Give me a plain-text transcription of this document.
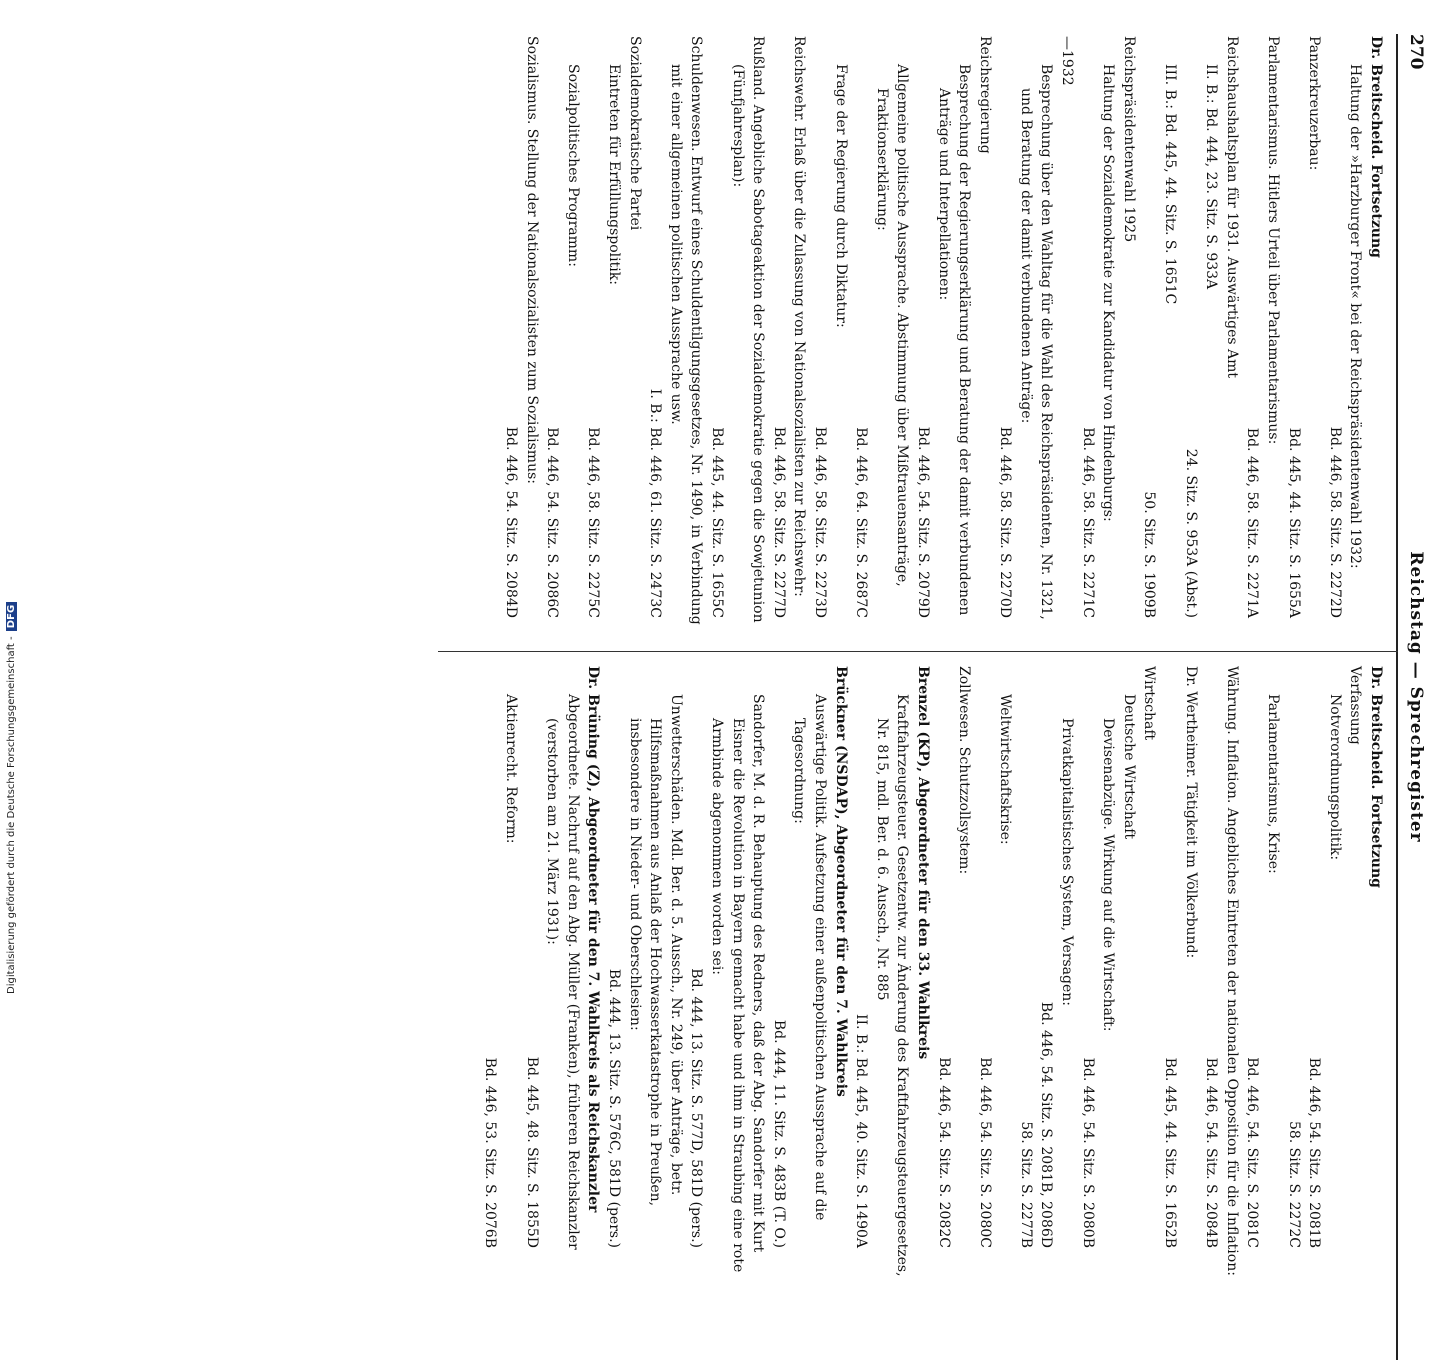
270
Reichstag — Sprechregister

Dr. Breitscheid. Fortsetzung

Haltung der »Harzburger Front« bei der Reichspräsidentenwahl 1932:

Bd. 446, 58. Sitz. S. 2272D

Panzerkreuzerbau:

Bd. 445, 44. Sitz. S. 1655A

Parlamentarismus. Hitlers Urteil über Parlamentarismus:

Bd. 446, 58. Sitz. S. 2271A

Reichshaushaltsplan für 1931. Auswärtiges Amt

II. B.: Bd. 444, 23. Sitz. S. 933A

24. Sitz. S. 953A (Abst.)

III. B.: Bd. 445, 44. Sitz. S. 1651C

50. Sitz. S. 1909B

Reichspräsidentenwahl 1925

Haltung der Sozialdemokratie zur Kandidatur von Hindenburgs:

Bd. 446, 58. Sitz. S. 2271C

—1932

Besprechung über den Wahltag für die Wahl des Reichspräsidenten, Nr. 1321, und Beratung der damit verbundenen Anträge:

Bd. 446, 58. Sitz. S. 2270D

Reichsregierung

Besprechung der Regierungserklärung und Beratung der damit verbundenen Anträge und Interpellationen:

Bd. 446, 54. Sitz. S. 2079D

Allgemeine politische Aussprache. Abstimmung über Mißtrauensanträge, Fraktionserklärung:

Bd. 446, 64. Sitz. S. 2687C

Frage der Regierung durch Diktatur:

Bd. 446, 58. Sitz. S. 2273D

Reichswehr. Erlaß über die Zulassung von Nationalsozialisten zur Reichswehr:

Bd. 446, 58. Sitz. S. 2277D

Rußland. Angebliche Sabotageaktion der Sozialdemokratie gegen die Sowjetunion (Fünfjahresplan):

Bd. 445, 44. Sitz. S. 1655C

Schuldenwesen. Entwurf eines Schuldentilgungsgesetzes, Nr. 1490, in Verbindung mit einer allgemeinen politischen Aussprache usw.

I. B.: Bd. 446, 61. Sitz. S. 2473C

Sozialdemokratische Partei

Eintreten für Erfüllungspolitik:

Bd. 446, 58. Sitz. S. 2275C

Sozialpolitisches Programm:

Bd. 446, 54. Sitz. S. 2086C

Sozialismus. Stellung der Nationalsozialisten zum Sozialismus:

Bd. 446, 54. Sitz. S. 2084D

Dr. Breitscheid. Fortsetzung

Verfassung

Notverordnungspolitik:

Bd. 446, 54. Sitz. S. 2081B

58. Sitz. S. 2272C

Parlamentarismus, Krise:

Bd. 446, 54. Sitz. S. 2081C

Währung. Inflation. Angebliches Eintreten der nationalen Opposition für die Inflation:

Bd. 446, 54. Sitz. S. 2084B

Dr. Wertheimer. Tätigkeit im Völkerbund:

Bd. 445, 44. Sitz. S. 1652B

Wirtschaft

Deutsche Wirtschaft

Devisenabzüge. Wirkung auf die Wirtschaft:

Bd. 446, 54. Sitz. S. 2080B

Privatkapitalistisches System, Versagen:

Bd. 446, 54. Sitz. S. 2081B, 2086D

58. Sitz. S. 2277B

Weltwirtschaftskrise:

Bd. 446, 54. Sitz. S. 2080C

Zollwesen. Schutzzollsystem:

Bd. 446, 54. Sitz. S. 2082C

Brenzel (KP), Abgeordneter für den 33. Wahlkreis

Kraftfahrzeugsteuer. Gesetzentw. zur Änderung des Kraftfahrzeugsteuergesetzes, Nr. 815, mdl. Ber. d. 6. Aussch., Nr. 885

II. B.: Bd. 445, 40. Sitz. S. 1490A

Brückner (NSDAP), Abgeordneter für den 7. Wahlkreis

Auswärtige Politik. Aufsetzung einer außenpolitischen Aussprache auf die Tagesordnung:

Bd. 444, 11. Sitz. S. 483B (T. O.)

Sandorfer, M. d. R. Behauptung des Redners, daß der Abg. Sandorfer mit Kurt Eisner die Revolution in Bayern gemacht habe und ihm in Straubing eine rote Armbinde abgenommen worden sei:

Bd. 444, 13. Sitz. S. 577D, 581D (pers.)

Unwetterschäden. Mdl. Ber. d. 5. Aussch., Nr. 249, über Anträge, betr. Hilfsmaßnahmen aus Anlaß der Hochwasserkatastrophe in Preußen, insbesondere in Nieder- und Oberschlesien:

Bd. 444, 13. Sitz. S. 576C, 581D (pers.)

Dr. Brüning (Z), Abgeordneter für den 7. Wahlkreis als Reichskanzler

Abgeordnete. Nachruf auf den Abg. Müller (Franken), früheren Reichskanzler (verstorben am 21. März 1931):

Bd. 445, 48. Sitz. S. 1855D

Aktienrecht. Reform:

Bd. 446, 53. Sitz. S. 2076B

Digitalisierung gefördert durch die Deutsche Forschungsgemeinschaft - DFG
